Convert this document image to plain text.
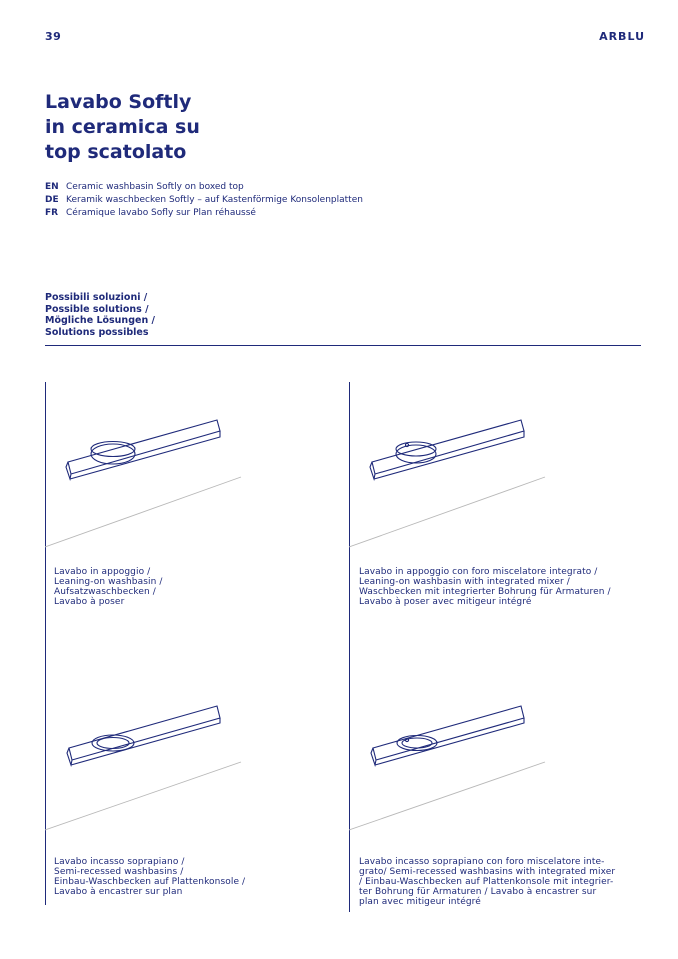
39	ARBLU
Lavabo Softly
in ceramica su
top scatolato
EN Ceramic washbasin Softly on boxed top
DE Keramik waschbecken Softly – auf Kastenförmige Konsolenplatten
FR Céramique lavabo Sofly sur Plan réhaussé
Possibili soluzioni /
Possible solutions /
Mögliche Lösungen /
Solutions possibles
Lavabo in appoggio /
Leaning-on washbasin /
Aufsatzwaschbecken /
Lavabo à poser
Lavabo in appoggio con foro miscelatore integrato /
Leaning-on washbasin with integrated mixer /
Waschbecken mit integrierter Bohrung für Armaturen /
Lavabo à poser avec mitigeur intégré
Lavabo incasso soprapiano /
Semi-recessed washbasins /
Einbau-Waschbecken auf Plattenkonsole /
Lavabo à encastrer sur plan
Lavabo incasso soprapiano con foro miscelatore inte-
grato/ Semi-recessed washbasins with integrated mixer
/ Einbau-Waschbecken auf Plattenkonsole mit integrier-
ter Bohrung für Armaturen / Lavabo à encastrer sur
plan avec mitigeur intégré
